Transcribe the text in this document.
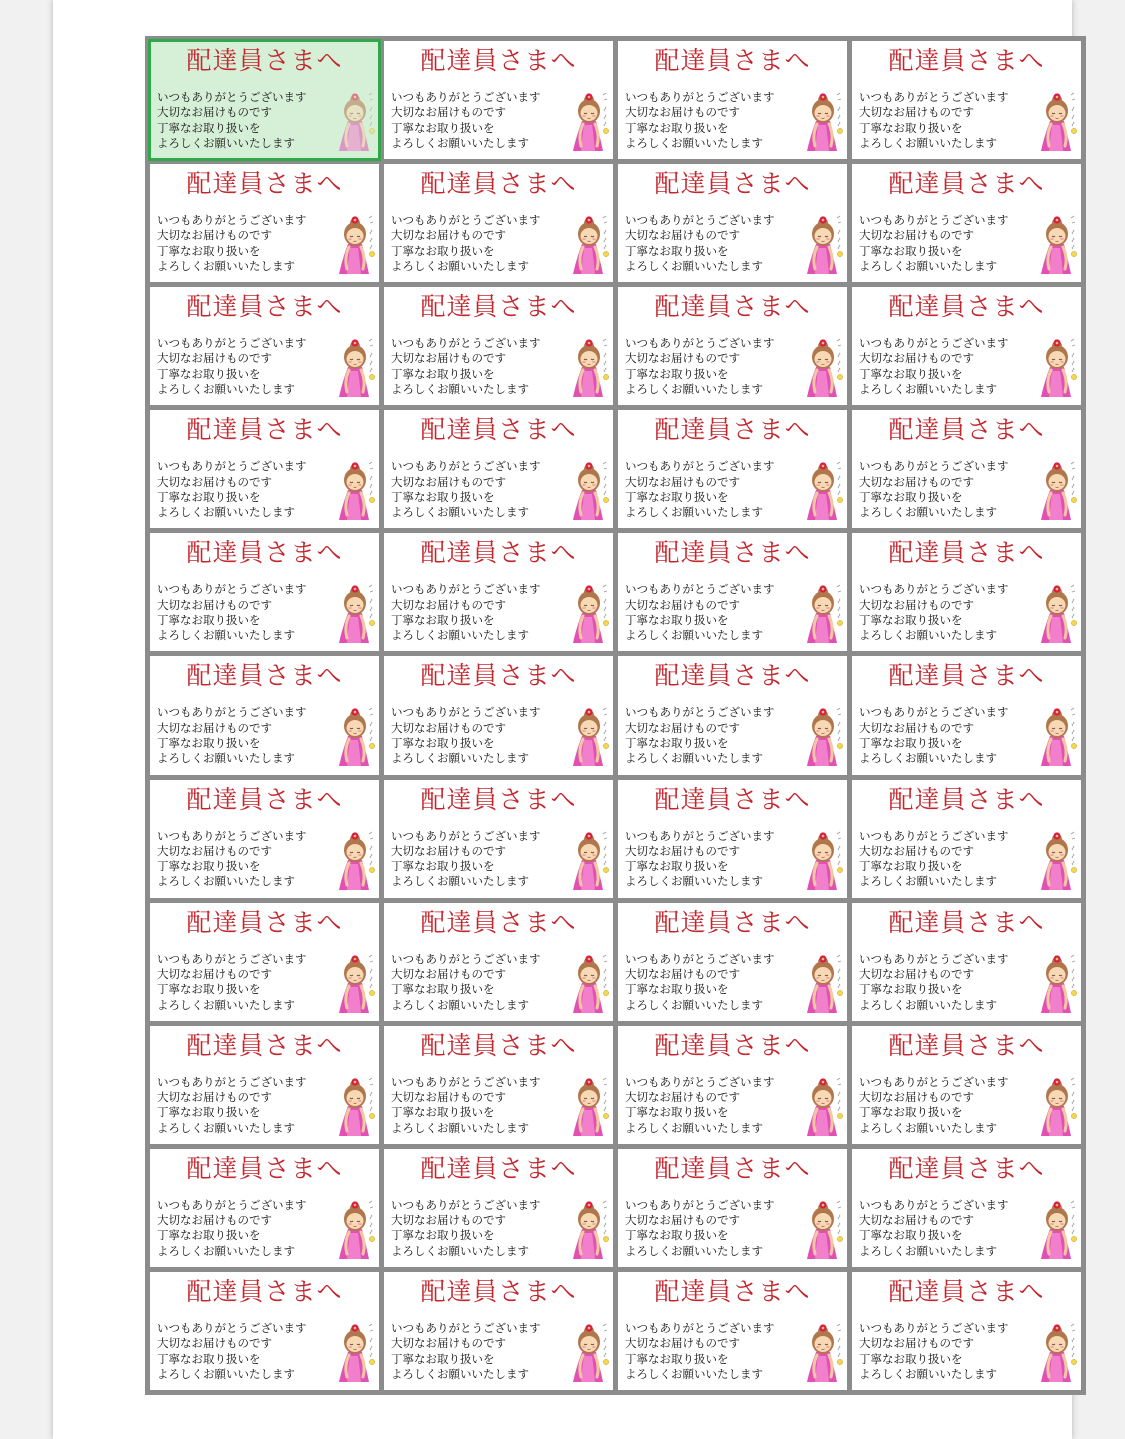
配達員さまへ
いつもありがとうございます
大切なお届けものです
丁寧なお取り扱いを
よろしくお願いいたします
配達員さまへ
いつもありがとうございます
大切なお届けものです
丁寧なお取り扱いを
よろしくお願いいたします
配達員さまへ
いつもありがとうございます
大切なお届けものです
丁寧なお取り扱いを
よろしくお願いいたします
配達員さまへ
いつもありがとうございます
大切なお届けものです
丁寧なお取り扱いを
よろしくお願いいたします
配達員さまへ
いつもありがとうございます
大切なお届けものです
丁寧なお取り扱いを
よろしくお願いいたします
配達員さまへ
いつもありがとうございます
大切なお届けものです
丁寧なお取り扱いを
よろしくお願いいたします
配達員さまへ
いつもありがとうございます
大切なお届けものです
丁寧なお取り扱いを
よろしくお願いいたします
配達員さまへ
いつもありがとうございます
大切なお届けものです
丁寧なお取り扱いを
よろしくお願いいたします
配達員さまへ
いつもありがとうございます
大切なお届けものです
丁寧なお取り扱いを
よろしくお願いいたします
配達員さまへ
いつもありがとうございます
大切なお届けものです
丁寧なお取り扱いを
よろしくお願いいたします
配達員さまへ
いつもありがとうございます
大切なお届けものです
丁寧なお取り扱いを
よろしくお願いいたします
配達員さまへ
いつもありがとうございます
大切なお届けものです
丁寧なお取り扱いを
よろしくお願いいたします
配達員さまへ
いつもありがとうございます
大切なお届けものです
丁寧なお取り扱いを
よろしくお願いいたします
配達員さまへ
いつもありがとうございます
大切なお届けものです
丁寧なお取り扱いを
よろしくお願いいたします
配達員さまへ
いつもありがとうございます
大切なお届けものです
丁寧なお取り扱いを
よろしくお願いいたします
配達員さまへ
いつもありがとうございます
大切なお届けものです
丁寧なお取り扱いを
よろしくお願いいたします
配達員さまへ
いつもありがとうございます
大切なお届けものです
丁寧なお取り扱いを
よろしくお願いいたします
配達員さまへ
いつもありがとうございます
大切なお届けものです
丁寧なお取り扱いを
よろしくお願いいたします
配達員さまへ
いつもありがとうございます
大切なお届けものです
丁寧なお取り扱いを
よろしくお願いいたします
配達員さまへ
いつもありがとうございます
大切なお届けものです
丁寧なお取り扱いを
よろしくお願いいたします
配達員さまへ
いつもありがとうございます
大切なお届けものです
丁寧なお取り扱いを
よろしくお願いいたします
配達員さまへ
いつもありがとうございます
大切なお届けものです
丁寧なお取り扱いを
よろしくお願いいたします
配達員さまへ
いつもありがとうございます
大切なお届けものです
丁寧なお取り扱いを
よろしくお願いいたします
配達員さまへ
いつもありがとうございます
大切なお届けものです
丁寧なお取り扱いを
よろしくお願いいたします
配達員さまへ
いつもありがとうございます
大切なお届けものです
丁寧なお取り扱いを
よろしくお願いいたします
配達員さまへ
いつもありがとうございます
大切なお届けものです
丁寧なお取り扱いを
よろしくお願いいたします
配達員さまへ
いつもありがとうございます
大切なお届けものです
丁寧なお取り扱いを
よろしくお願いいたします
配達員さまへ
いつもありがとうございます
大切なお届けものです
丁寧なお取り扱いを
よろしくお願いいたします
配達員さまへ
いつもありがとうございます
大切なお届けものです
丁寧なお取り扱いを
よろしくお願いいたします
配達員さまへ
いつもありがとうございます
大切なお届けものです
丁寧なお取り扱いを
よろしくお願いいたします
配達員さまへ
いつもありがとうございます
大切なお届けものです
丁寧なお取り扱いを
よろしくお願いいたします
配達員さまへ
いつもありがとうございます
大切なお届けものです
丁寧なお取り扱いを
よろしくお願いいたします
配達員さまへ
いつもありがとうございます
大切なお届けものです
丁寧なお取り扱いを
よろしくお願いいたします
配達員さまへ
いつもありがとうございます
大切なお届けものです
丁寧なお取り扱いを
よろしくお願いいたします
配達員さまへ
いつもありがとうございます
大切なお届けものです
丁寧なお取り扱いを
よろしくお願いいたします
配達員さまへ
いつもありがとうございます
大切なお届けものです
丁寧なお取り扱いを
よろしくお願いいたします
配達員さまへ
いつもありがとうございます
大切なお届けものです
丁寧なお取り扱いを
よろしくお願いいたします
配達員さまへ
いつもありがとうございます
大切なお届けものです
丁寧なお取り扱いを
よろしくお願いいたします
配達員さまへ
いつもありがとうございます
大切なお届けものです
丁寧なお取り扱いを
よろしくお願いいたします
配達員さまへ
いつもありがとうございます
大切なお届けものです
丁寧なお取り扱いを
よろしくお願いいたします
配達員さまへ
いつもありがとうございます
大切なお届けものです
丁寧なお取り扱いを
よろしくお願いいたします
配達員さまへ
いつもありがとうございます
大切なお届けものです
丁寧なお取り扱いを
よろしくお願いいたします
配達員さまへ
いつもありがとうございます
大切なお届けものです
丁寧なお取り扱いを
よろしくお願いいたします
配達員さまへ
いつもありがとうございます
大切なお届けものです
丁寧なお取り扱いを
よろしくお願いいたします
